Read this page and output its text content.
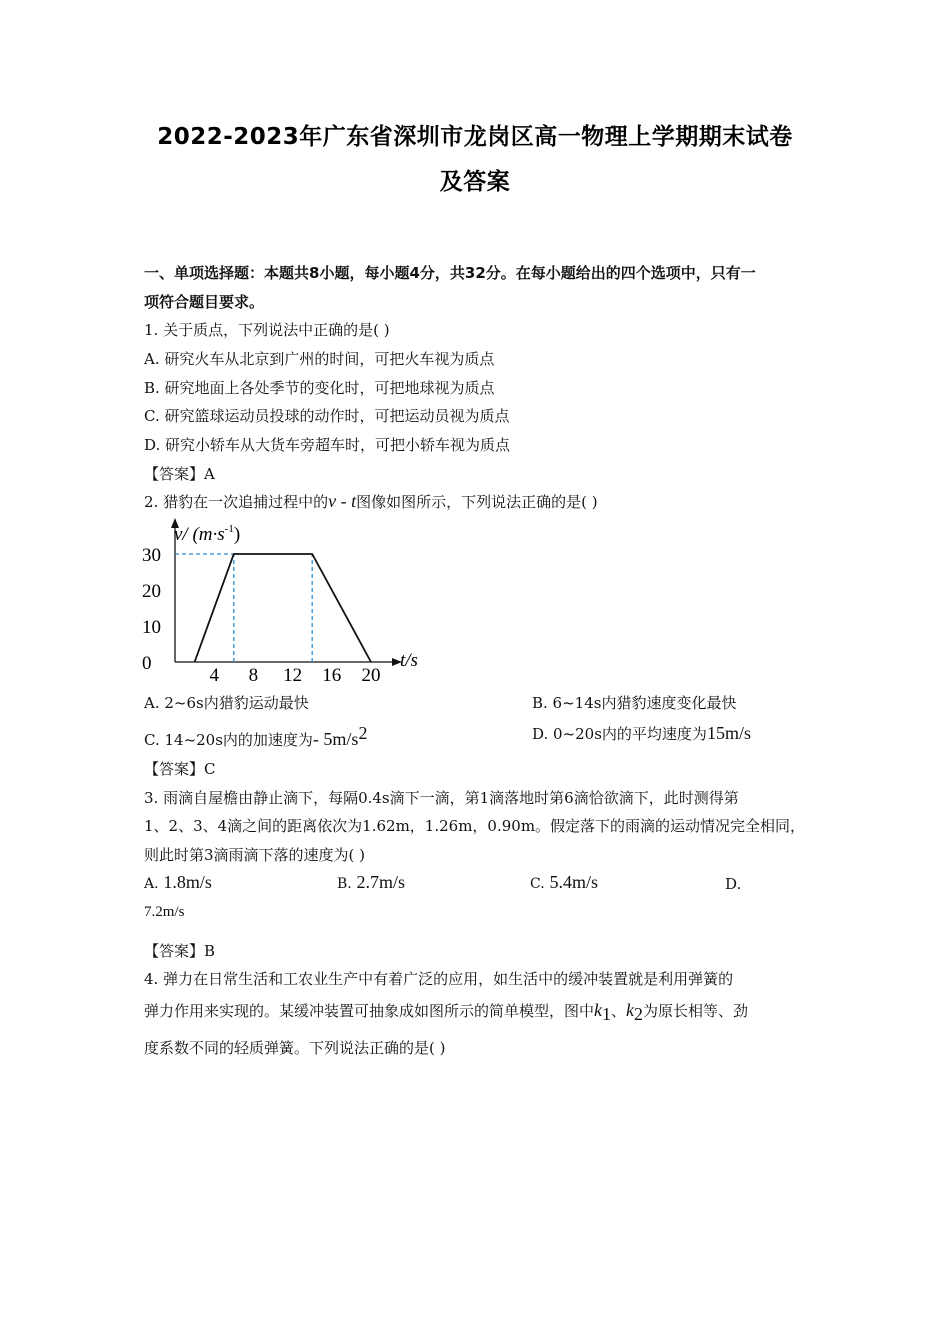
2022-2023年广东省深圳市龙岗区高一物理上学期期末试卷
及答案
一、单项选择题：本题共8小题，每小题4分，共32分。在每小题给出的四个选项中，只有一
项符合题目要求。
1. 关于质点，下列说法中正确的是( )
A. 研究火车从北京到广州的时间，可把火车视为质点
B. 研究地面上各处季节的变化时，可把地球视为质点
C. 研究篮球运动员投球的动作时，可把运动员视为质点
D. 研究小轿车从大货车旁超车时，可把小轿车视为质点
【答案】A
2. 猎豹在一次追捕过程中的v - t图像如图所示，下列说法正确的是( )
v/ $(m\cdot s^{-1})$
t/s
30
20
10
0
4 8 12 16 20
A. 2~6s内猎豹运动最快	B. 6~14s内猎豹速度变化最快
C. 14~20s内的加速度为- $5m/s^2$	D. 0~20s内的平均速度为15m/s
【答案】C
3. 雨滴自屋檐由静止滴下，每隔0.4s滴下一滴，第1滴落地时第6滴恰欲滴下，此时测得第
1、2、3、4滴之间的距离依次为1.62m，1.26m，0.90m。假定落下的雨滴的运动情况完全相同，
则此时第3滴雨滴下落的速度为( )
A. 1.8m/s	B. 2.7m/s	C. 5.4m/s	D.
7.2m/s
【答案】B
4. 弹力在日常生活和工农业生产中有着广泛的应用，如生活中的缓冲装置就是利用弹簧的
弹力作用来实现的。某缓冲装置可抽象成如图所示的简单模型，图中$k_1$、$k_2$为原长相等、劲
度系数不同的轻质弹簧。下列说法正确的是( )
